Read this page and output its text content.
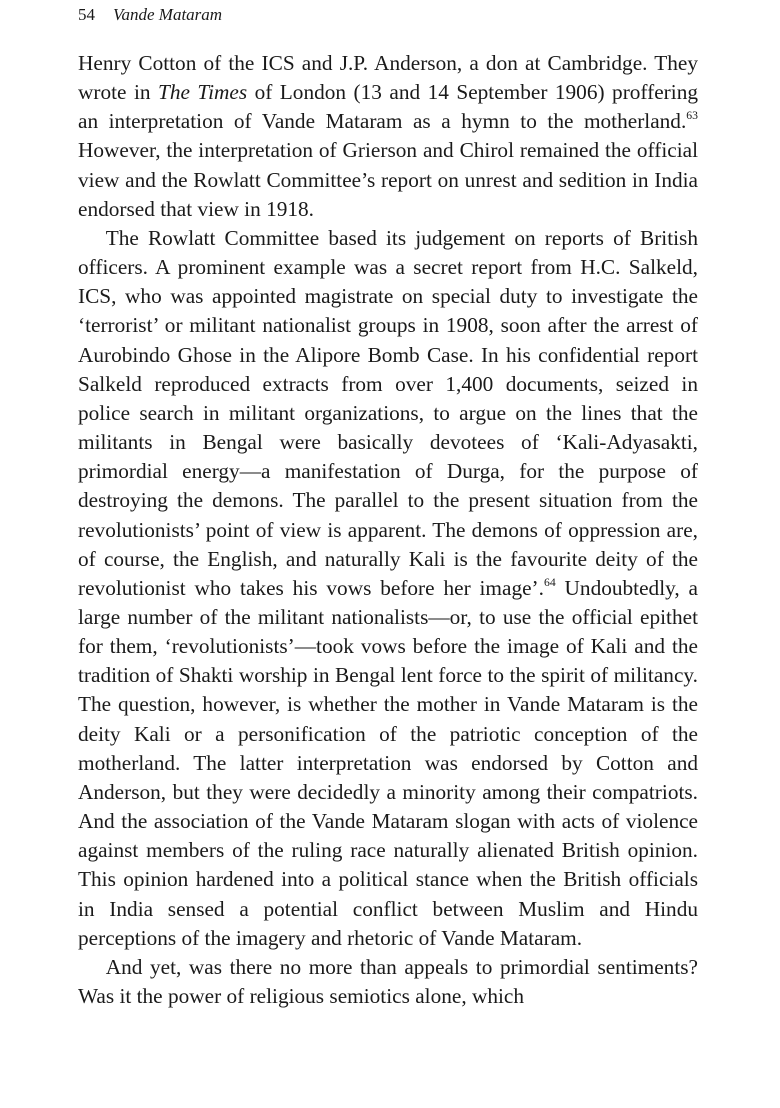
54 Vande Mataram

Henry Cotton of the ICS and J.P. Anderson, a don at Cambridge. They wrote in The Times of London (13 and 14 September 1906) proffering an interpretation of Vande Mataram as a hymn to the motherland.$^{63}$ However, the interpretation of Grierson and Chirol remained the official view and the Rowlatt Committee’s report on unrest and sedition in India endorsed that view in 1918.

The Rowlatt Committee based its judgement on reports of British officers. A prominent example was a secret report from H.C. Salkeld, ICS, who was appointed magistrate on special duty to investigate the ‘terrorist’ or militant nationalist groups in 1908, soon after the arrest of Aurobindo Ghose in the Alipore Bomb Case. In his confidential report Salkeld reproduced extracts from over 1,400 documents, seized in police search in militant organizations, to argue on the lines that the militants in Bengal were basically devotees of ‘Kali-Adyasakti, primordial energy—a manifestation of Durga, for the purpose of destroying the demons. The parallel to the present situation from the revolutionists’ point of view is apparent. The demons of oppression are, of course, the English, and naturally Kali is the favourite deity of the revolutionist who takes his vows before her image’.$^{64}$ Undoubtedly, a large number of the militant nationalists—or, to use the official epithet for them, ‘revolutionists’—took vows before the image of Kali and the tradition of Shakti worship in Bengal lent force to the spirit of militancy. The question, however, is whether the mother in Vande Mataram is the deity Kali or a personification of the patriotic conception of the motherland. The latter interpretation was endorsed by Cotton and Anderson, but they were decidedly a minority among their compatriots. And the association of the Vande Mataram slogan with acts of violence against members of the ruling race naturally alienated British opinion. This opinion hardened into a political stance when the British officials in India sensed a potential conflict between Muslim and Hindu perceptions of the imagery and rhetoric of Vande Mataram.

And yet, was there no more than appeals to primordial sentiments? Was it the power of religious semiotics alone, which
